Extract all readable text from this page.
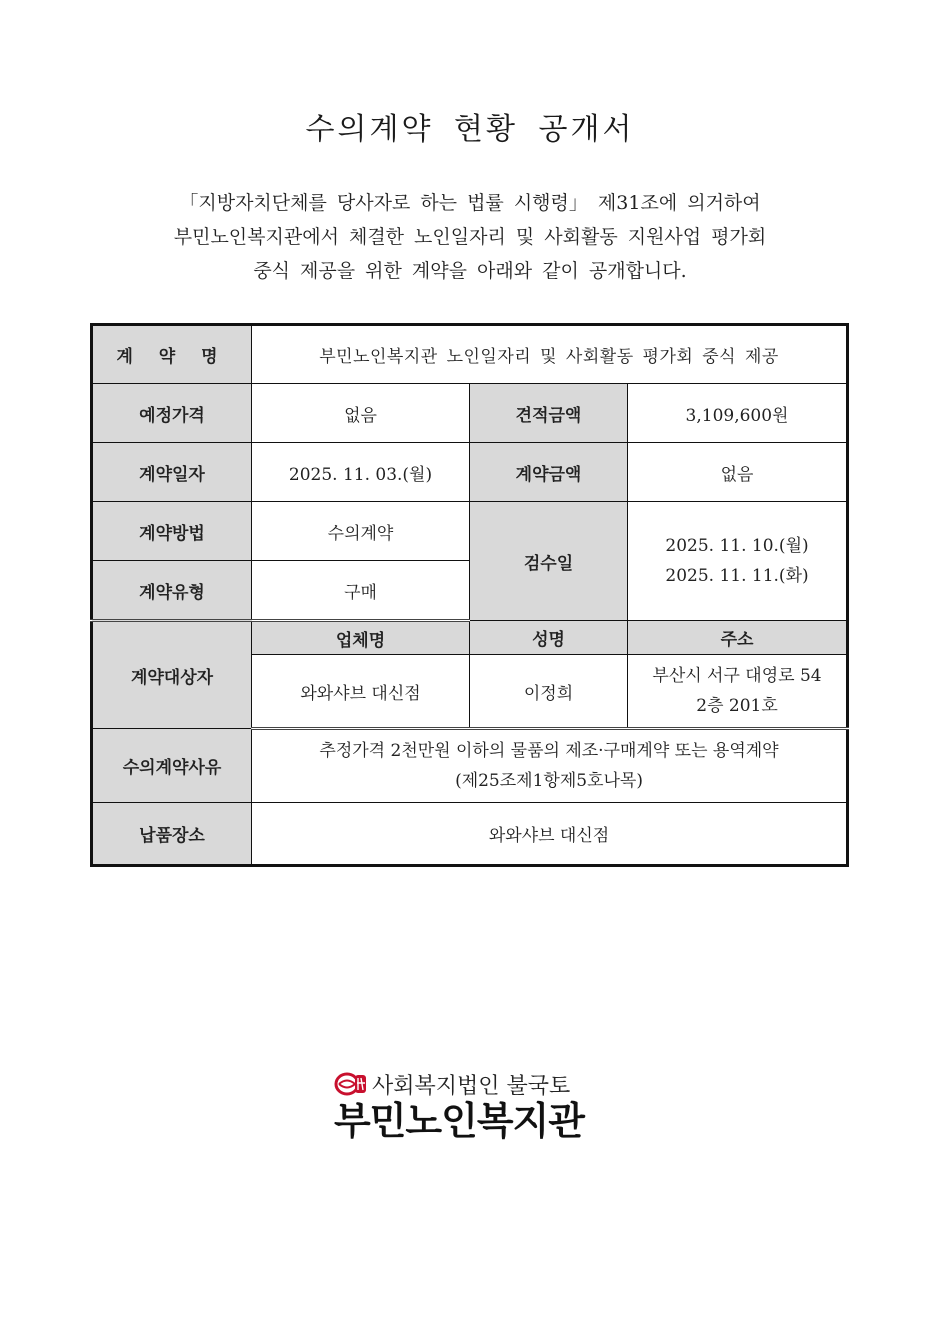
수의계약 현황 공개서
「지방자치단체를 당사자로 하는 법률 시행령」 제31조에 의거하여
부민노인복지관에서 체결한 노인일자리 및 사회활동 지원사업 평가회
중식 제공을 위한 계약을 아래와 같이 공개합니다.
계 약 명	부민노인복지관 노인일자리 및 사회활동 평가회 중식 제공		
예정가격	없음	견적금액	3,109,600원
계약일자	2025. 11. 03.(월)	계약금액	없음
계약방법	수의계약	검수일	2025. 11. 10.(월)
2025. 11. 11.(화)

계약유형	구매		
계약대상자	업체명	성명	주소
	와와샤브 대신점	이정희	부산시 서구 대영로 54
2층 201호

수의계약사유	추정가격 2천만원 이하의 물품의 제조·구매계약 또는 용역계약
(제25조제1항제5호나목)		

납품장소	와와샤브 대신점		
사회복지법인 불국토
부민노인복지관
